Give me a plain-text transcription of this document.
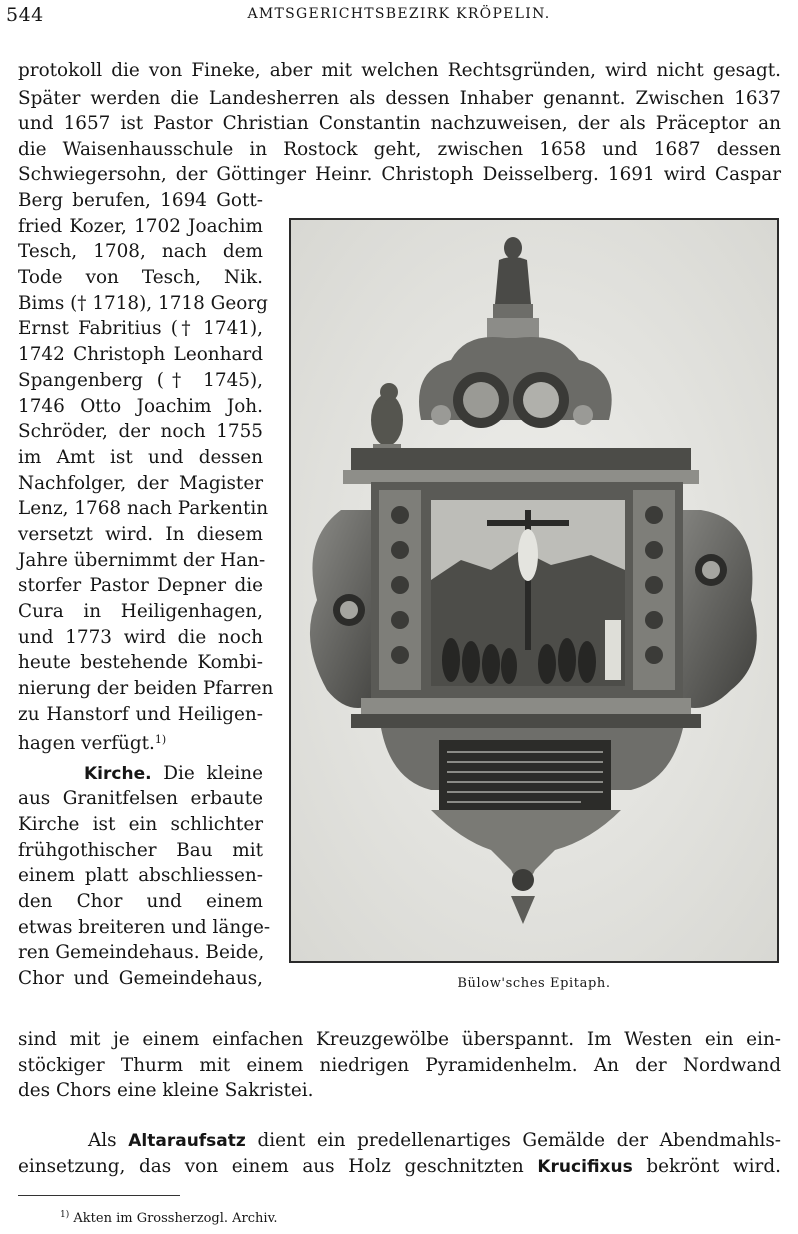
544	AMTSGERICHTSBEZIRK KRÖPELIN.
protokoll die von Fineke, aber mit welchen Rechtsgründen, wird nicht gesagt.
Später werden die Landesherren als dessen Inhaber genannt. Zwischen 1637
und 1657 ist Pastor Christian Constantin nachzuweisen, der als Präceptor an
die Waisenhausschule in Rostock geht, zwischen 1658 und 1687 dessen
Schwiegersohn, der Göttinger Heinr. Christoph Deisselberg. 1691 wird Caspar
Berg berufen, 1694 Gott-
fried Kozer, 1702 Joachim
Tesch, 1708, nach dem
Tode von Tesch, Nik.
Bims († 1718), 1718 Georg
Ernst Fabritius († 1741),
1742 Christoph Leonhard
Spangenberg († 1745),
1746 Otto Joachim Joh.
Schröder, der noch 1755
im Amt ist und dessen
Nachfolger, der Magister
Lenz, 1768 nach Parkentin
versetzt wird. In diesem
Jahre übernimmt der Han-
storfer Pastor Depner die
Cura in Heiligenhagen,
und 1773 wird die noch
heute bestehende Kombi-
nierung der beiden Pfarren
zu Hanstorf und Heiligen-
hagen verfügt.$^{1)}$
Kirche. Die kleine
aus Granitfelsen erbaute
Kirche ist ein schlichter
frühgothischer Bau mit
einem platt abschliessen-
den Chor und einem
etwas breiteren und länge-
ren Gemeindehaus. Beide,
Chor und Gemeindehaus,
sind mit je einem einfachen Kreuzgewölbe überspannt. Im Westen ein ein-
stöckiger Thurm mit einem niedrigen Pyramidenhelm. An der Nordwand
des Chors eine kleine Sakristei.
Als Altaraufsatz dient ein predellenartiges Gemälde der Abendmahls-
einsetzung, das von einem aus Holz geschnitzten Krucifixus bekrönt wird.
Bülow'sches Epitaph.
$^{1)}$ Akten im Grossherzogl. Archiv.
